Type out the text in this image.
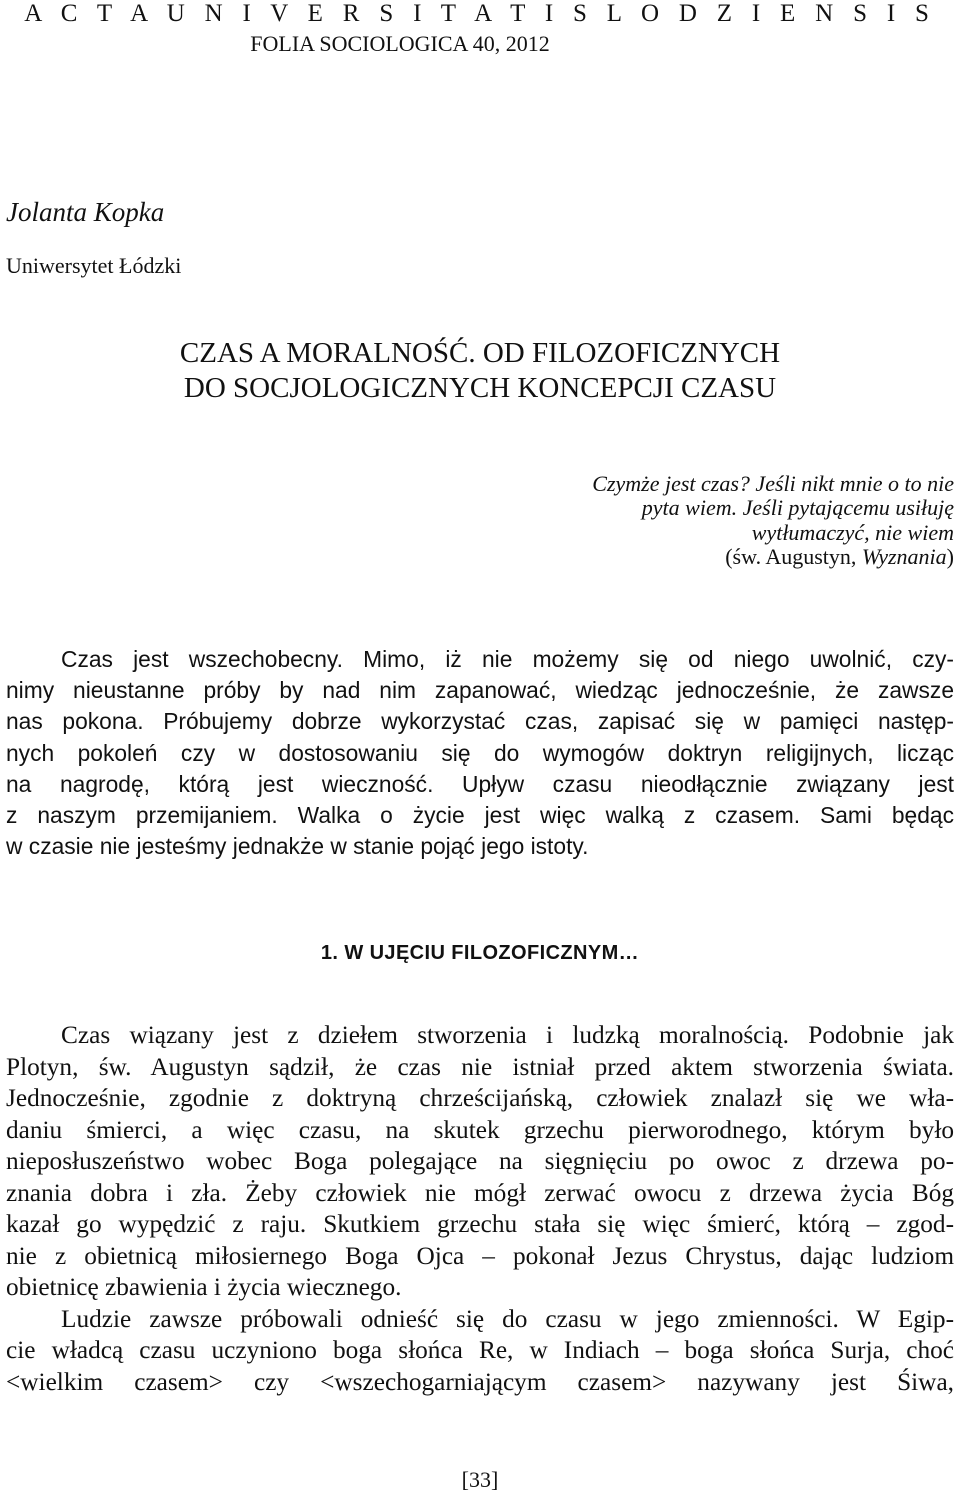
A C T A U N I V E R S I T A T I S L O D Z I E N S I S
FOLIA SOCIOLOGICA 40, 2012
Jolanta Kopka
Uniwersytet Łódzki
CZAS A MORALNOŚĆ. OD FILOZOFICZNYCH
DO SOCJOLOGICZNYCH KONCEPCJI CZASU
Czymże jest czas? Jeśli nikt mnie o to nie
pyta wiem. Jeśli pytającemu usiłuję
wytłumaczyć, nie wiem
(św. Augustyn, Wyznania)
Czas jest wszechobecny. Mimo, iż nie możemy się od niego uwolnić, czy-
nimy nieustanne próby by nad nim zapanować, wiedząc jednocześnie, że zawsze
nas pokona. Próbujemy dobrze wykorzystać czas, zapisać się w pamięci następ-
nych pokoleń czy w dostosowaniu się do wymogów doktryn religijnych, licząc
na nagrodę, którą jest wieczność. Upływ czasu nieodłącznie związany jest
z naszym przemijaniem. Walka o życie jest więc walką z czasem. Sami będąc
w czasie nie jesteśmy jednakże w stanie pojąć jego istoty.
1. W UJĘCIU FILOZOFICZNYM…
Czas wiązany jest z dziełem stworzenia i ludzką moralnością. Podobnie jak
Plotyn, św. Augustyn sądził, że czas nie istniał przed aktem stworzenia świata.
Jednocześnie, zgodnie z doktryną chrześcijańską, człowiek znalazł się we wła-
daniu śmierci, a więc czasu, na skutek grzechu pierworodnego, którym było
nieposłuszeństwo wobec Boga polegające na sięgnięciu po owoc z drzewa po-
znania dobra i zła. Żeby człowiek nie mógł zerwać owocu z drzewa życia Bóg
kazał go wypędzić z raju. Skutkiem grzechu stała się więc śmierć, którą – zgod-
nie z obietnicą miłosiernego Boga Ojca – pokonał Jezus Chrystus, dając ludziom
obietnicę zbawienia i życia wiecznego.
Ludzie zawsze próbowali odnieść się do czasu w jego zmienności. W Egip-
cie władcą czasu uczyniono boga słońca Re, w Indiach – boga słońca Surja, choć
<wielkim czasem> czy <wszechogarniającym czasem> nazywany jest Śiwa,
[33]
